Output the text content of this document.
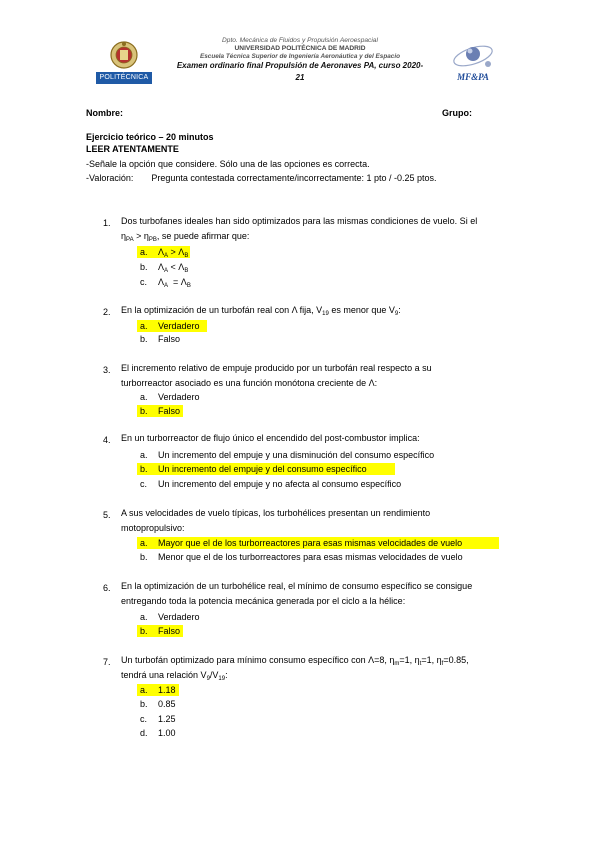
POLITÉCNICA	MF&PA
Dpto. Mecánica de Fluidos y Propulsión Aeroespacial
UNIVERSIDAD POLITÉCNICA DE MADRID
Escuela Técnica Superior de Ingeniería Aeronáutica y del Espacio
Examen ordinario final Propulsión de Aeronaves PA, curso 2020-
21
Nombre:	Grupo:
Ejercicio teórico – 20 minutos
LEER ATENTAMENTE
-Señale la opción que considere. Sólo una de las opciones es correcta.
-Valoración: Pregunta contestada correctamente/incorrectamente: 1 pto / -0.25 ptos.
1. Dos turbofanes ideales han sido optimizados para las mismas condiciones de vuelo. Si el
$\eta_{PA} > \eta_{PB}$, se puede afirmar que:
a. $\Lambda_A > \Lambda_B$
b. $\Lambda_A < \Lambda_B$
c. $\Lambda_A = \Lambda_B$
2. En la optimización de un turbofán real con Λ fija, $V_{19}$ es menor que $V_9$:
a. Verdadero
b. Falso
3. El incremento relativo de empuje producido por un turbofán real respecto a su
turborreactor asociado es una función monótona creciente de Λ:
a. Verdadero
b. Falso
4. En un turborreactor de flujo único el encendido del post-combustor implica:
a. Un incremento del empuje y una disminución del consumo específico
b. Un incremento del empuje y del consumo específico
c. Un incremento del empuje y no afecta al consumo específico
5. A sus velocidades de vuelo típicas, los turbohélices presentan un rendimiento
motopropulsivo:
a. Mayor que el de los turborreactores para esas mismas velocidades de vuelo
b. Menor que el de los turborreactores para esas mismas velocidades de vuelo
6. En la optimización de un turbohélice real, el mínimo de consumo específico se consigue
entregando toda la potencia mecánica generada por el ciclo a la hélice:
a. Verdadero
b. Falso
7. Un turbofán optimizado para mínimo consumo específico con Λ=8, $\eta_m=1$, $\eta_t=1$, $\eta_f=0.85$,
tendrá una relación $V_9/V_{19}$:
a. 1.18
b. 0.85
c. 1.25
d. 1.00
